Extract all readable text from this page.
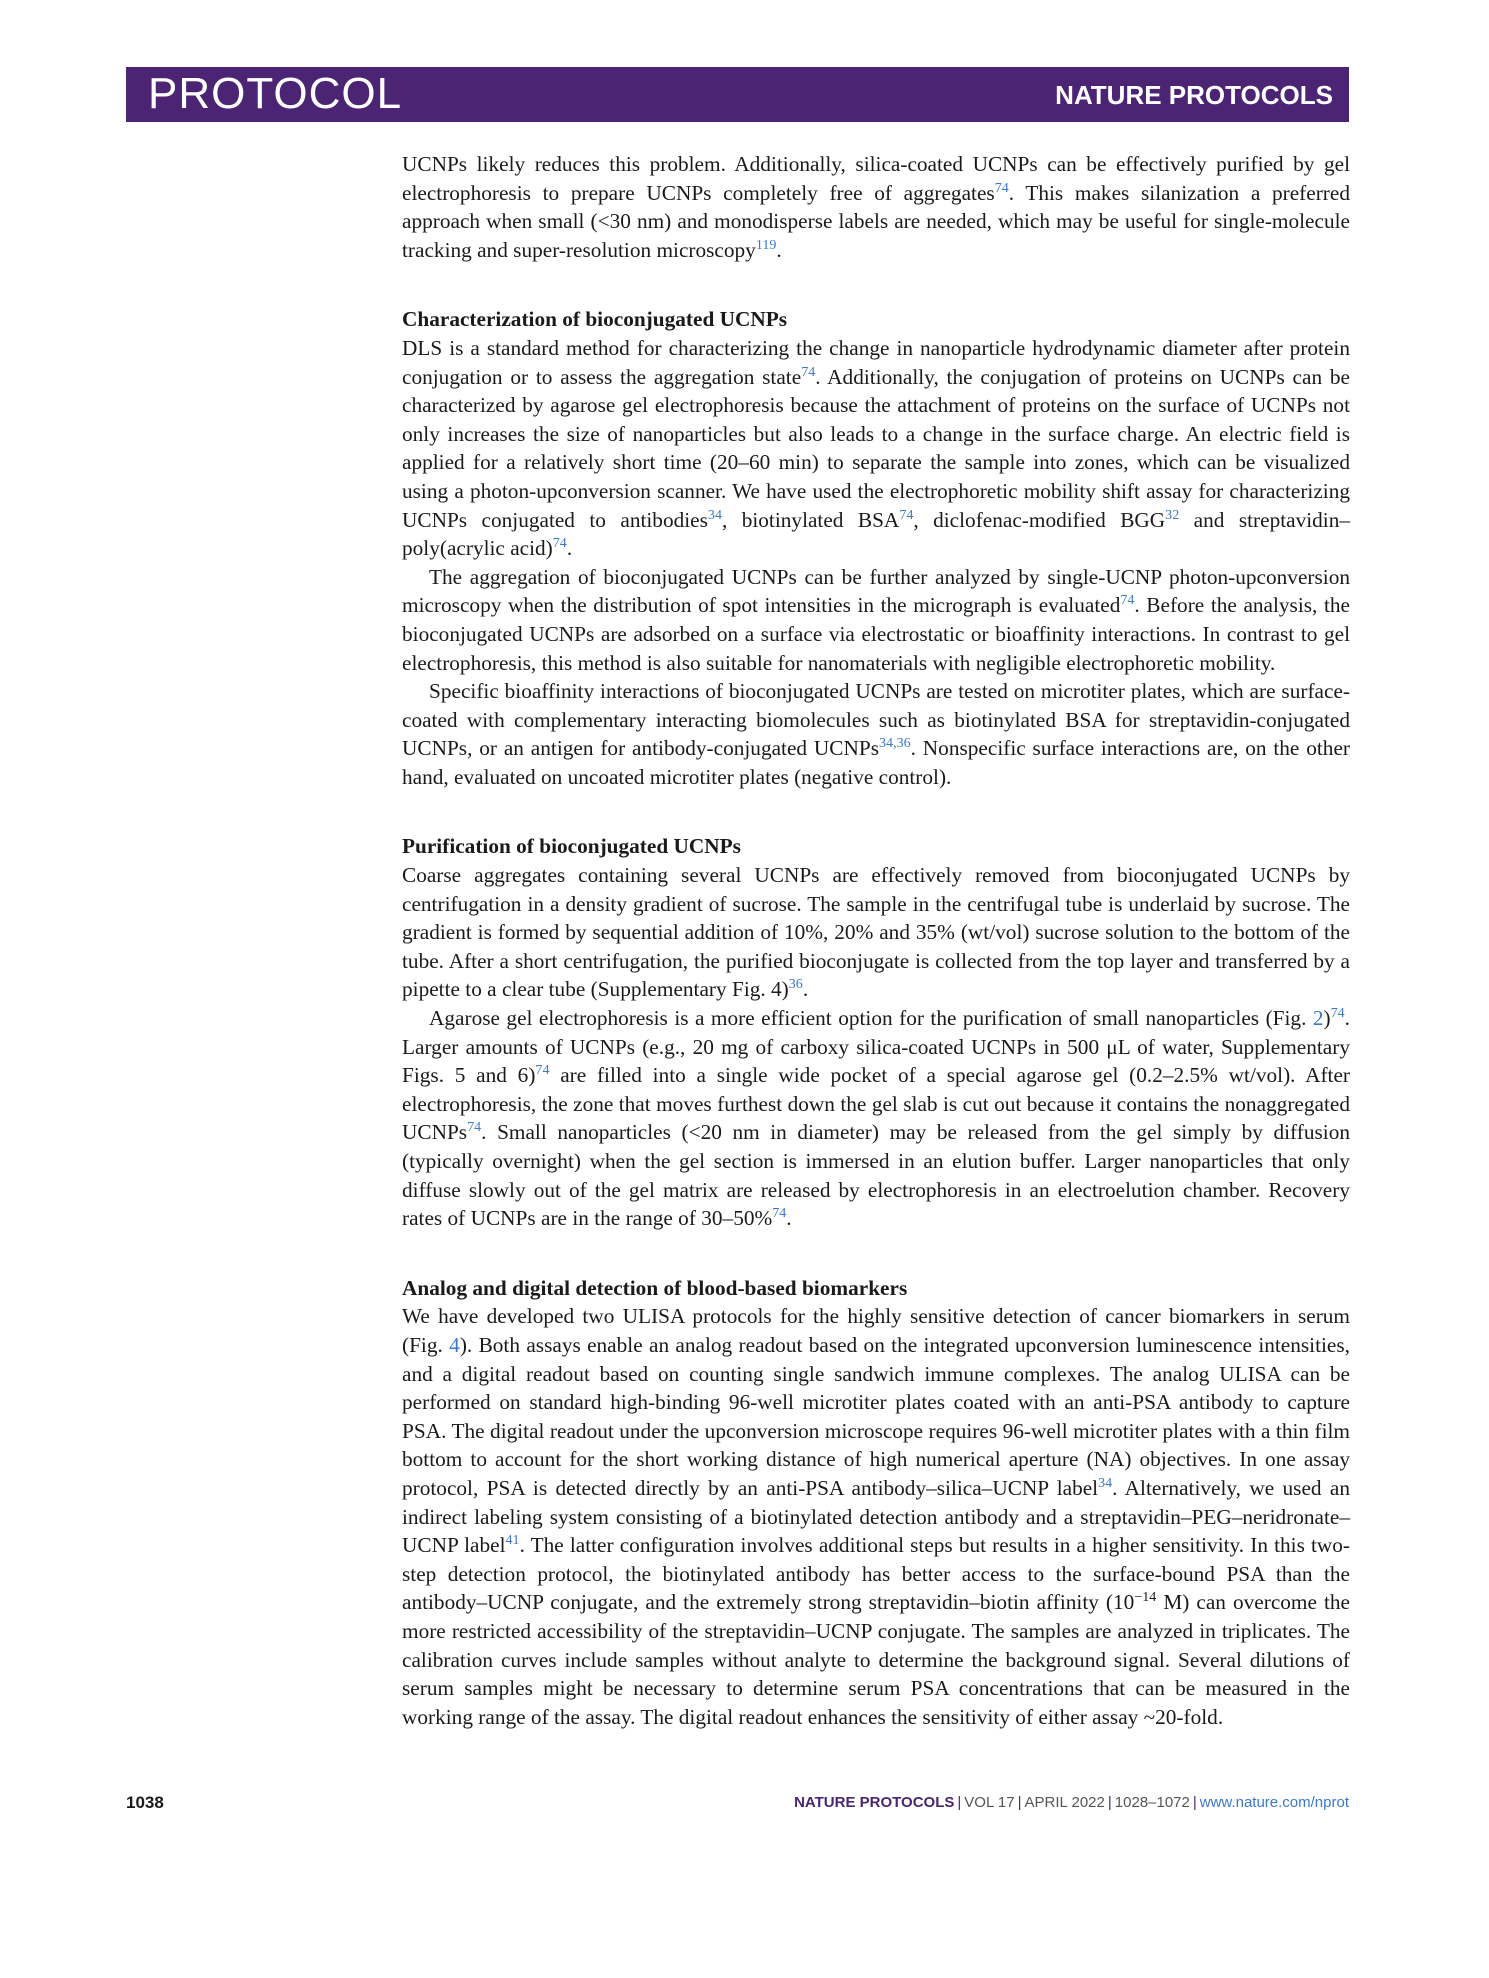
PROTOCOL	NATURE PROTOCOLS

UCNPs likely reduces this problem. Additionally, silica-coated UCNPs can be effectively purified by gel electrophoresis to prepare UCNPs completely free of aggregates$^{74}$. This makes silanization a preferred approach when small (<30 nm) and monodisperse labels are needed, which may be useful for single-molecule tracking and super-resolution microscopy$^{119}$.

Characterization of bioconjugated UCNPs

DLS is a standard method for characterizing the change in nanoparticle hydrodynamic diameter after protein conjugation or to assess the aggregation state$^{74}$. Additionally, the conjugation of proteins on UCNPs can be characterized by agarose gel electrophoresis because the attachment of proteins on the surface of UCNPs not only increases the size of nanoparticles but also leads to a change in the surface charge. An electric field is applied for a relatively short time (20–60 min) to separate the sample into zones, which can be visualized using a photon-upconversion scanner. We have used the electrophoretic mobility shift assay for characterizing UCNPs conjugated to antibodies$^{34}$, biotinylated BSA$^{74}$, diclofenac-modified BGG$^{32}$ and streptavidin–poly(acrylic acid)$^{74}$.

The aggregation of bioconjugated UCNPs can be further analyzed by single-UCNP photon-upconversion microscopy when the distribution of spot intensities in the micrograph is evaluated$^{74}$. Before the analysis, the bioconjugated UCNPs are adsorbed on a surface via electrostatic or bioaffinity interactions. In contrast to gel electrophoresis, this method is also suitable for nanomaterials with negligible electrophoretic mobility.

Specific bioaffinity interactions of bioconjugated UCNPs are tested on microtiter plates, which are surface-coated with complementary interacting biomolecules such as biotinylated BSA for streptavidin-conjugated UCNPs, or an antigen for antibody-conjugated UCNPs$^{34,36}$. Nonspecific surface interactions are, on the other hand, evaluated on uncoated microtiter plates (negative control).

Purification of bioconjugated UCNPs

Coarse aggregates containing several UCNPs are effectively removed from bioconjugated UCNPs by centrifugation in a density gradient of sucrose. The sample in the centrifugal tube is underlaid by sucrose. The gradient is formed by sequential addition of 10%, 20% and 35% (wt/vol) sucrose solution to the bottom of the tube. After a short centrifugation, the purified bioconjugate is collected from the top layer and transferred by a pipette to a clear tube (Supplementary Fig. 4)$^{36}$.

Agarose gel electrophoresis is a more efficient option for the purification of small nanoparticles (Fig. 2)$^{74}$. Larger amounts of UCNPs (e.g., 20 mg of carboxy silica-coated UCNPs in 500 μL of water, Supplementary Figs. 5 and 6)$^{74}$ are filled into a single wide pocket of a special agarose gel (0.2–2.5% wt/vol). After electrophoresis, the zone that moves furthest down the gel slab is cut out because it contains the nonaggregated UCNPs$^{74}$. Small nanoparticles (<20 nm in diameter) may be released from the gel simply by diffusion (typically overnight) when the gel section is immersed in an elution buffer. Larger nanoparticles that only diffuse slowly out of the gel matrix are released by electrophoresis in an electroelution chamber. Recovery rates of UCNPs are in the range of 30–50%$^{74}$.

Analog and digital detection of blood-based biomarkers

We have developed two ULISA protocols for the highly sensitive detection of cancer biomarkers in serum (Fig. 4). Both assays enable an analog readout based on the integrated upconversion luminescence intensities, and a digital readout based on counting single sandwich immune complexes. The analog ULISA can be performed on standard high-binding 96-well microtiter plates coated with an anti-PSA antibody to capture PSA. The digital readout under the upconversion microscope requires 96-well microtiter plates with a thin film bottom to account for the short working distance of high numerical aperture (NA) objectives. In one assay protocol, PSA is detected directly by an anti-PSA antibody–silica–UCNP label$^{34}$. Alternatively, we used an indirect labeling system consisting of a biotinylated detection antibody and a streptavidin–PEG–neridronate–UCNP label$^{41}$. The latter configuration involves additional steps but results in a higher sensitivity. In this two-step detection protocol, the biotinylated antibody has better access to the surface-bound PSA than the antibody–UCNP conjugate, and the extremely strong streptavidin–biotin affinity ($10^{-14}$ M) can overcome the more restricted accessibility of the streptavidin–UCNP conjugate. The samples are analyzed in triplicates. The calibration curves include samples without analyte to determine the background signal. Several dilutions of serum samples might be necessary to determine serum PSA concentrations that can be measured in the working range of the assay. The digital readout enhances the sensitivity of either assay ~20-fold.

1038	NATURE PROTOCOLS | VOL 17 | APRIL 2022 | 1028–1072 | www.nature.com/nprot
